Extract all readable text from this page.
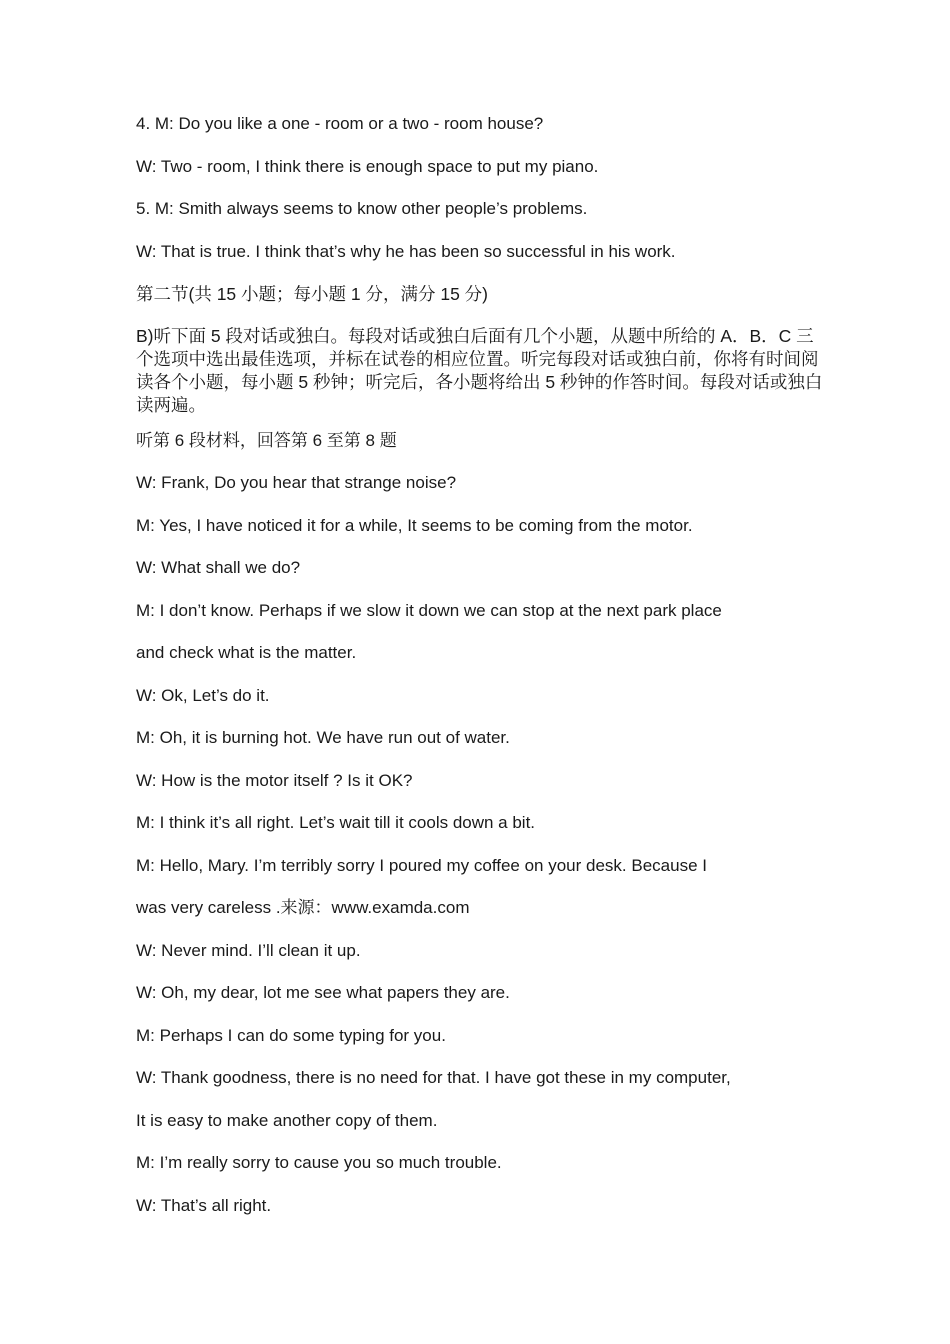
4. M: Do you like a one - room or a two - room house?
W: Two - room, I think there is enough space to put my piano.
5. M: Smith always seems to know other people’s problems.
W: That is true. I think that’s why he has been so successful in his work.
第二节(共 15 小题；每小题 1 分，满分 15 分)
B)听下面 5 段对话或独白。每段对话或独白后面有几个小题，从题中所给的 A．B．C 三个选项中选出最佳选项，并标在试卷的相应位置。听完每段对话或独白前，你将有时间阅读各个小题，每小题 5 秒钟；听完后，各小题将给出 5 秒钟的作答时间。每段对话或独白读两遍。
听第 6 段材料，回答第 6 至第 8 题
W: Frank, Do you hear that strange noise?
M: Yes, I have noticed it for a while, It seems to be coming from the motor.
W: What shall we do?
M: I don’t know. Perhaps if we slow it down we can stop at the next park place
and check what is the matter.
W: Ok, Let’s do it.
M: Oh, it is burning hot. We have run out of water.
W: How is the motor itself ? Is it OK?
M: I think it’s all right. Let’s wait till it cools down a bit.
M: Hello, Mary. I’m terribly sorry I poured my coffee on your desk. Because I
was very careless .来源：www.examda.com
W: Never mind. I’ll clean it up.
W: Oh, my dear, lot me see what papers they are.
M: Perhaps I can do some typing for you.
W: Thank goodness, there is no need for that. I have got these in my computer,
It is easy to make another copy of them.
M: I’m really sorry to cause you so much trouble.
W: That’s all right.
